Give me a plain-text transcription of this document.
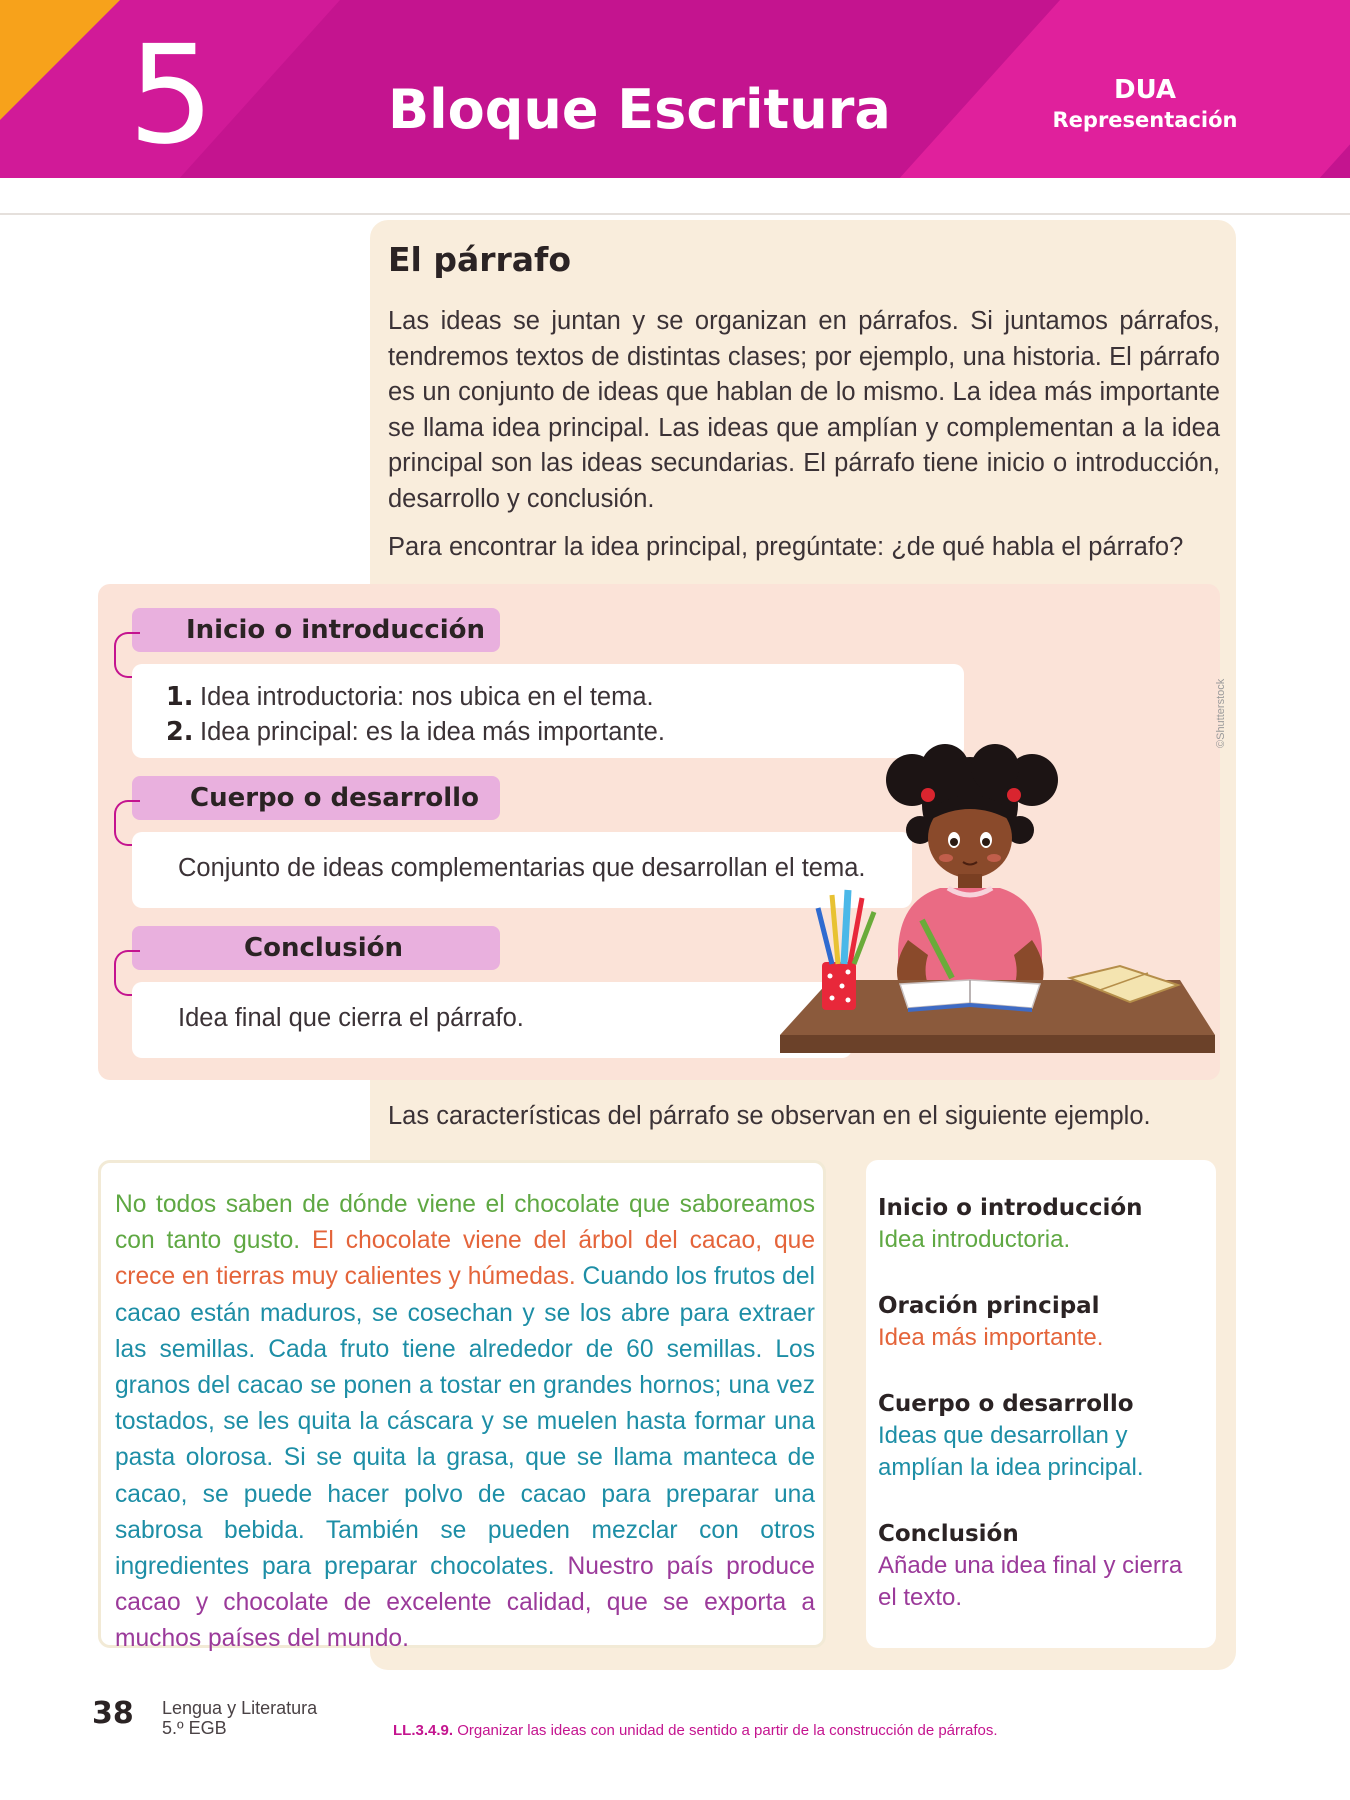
5	Bloque Escritura	DUA
Representación
El párrafo

Las ideas se juntan y se organizan en párrafos. Si juntamos párrafos, tendremos textos de distintas clases; por ejemplo, una historia. El párrafo es un conjunto de ideas que hablan de lo mismo. La idea más importante se llama idea principal. Las ideas que amplían y complementan a la idea principal son las ideas secundarias. El párrafo tiene inicio o introducción, desarrollo y conclusión.

Para encontrar la idea principal, pregúntate: ¿de qué habla el párrafo?

Inicio o introducción
1. Idea introductoria: nos ubica en el tema.
2. Idea principal: es la idea más importante.
Cuerpo o desarrollo
Conjunto de ideas complementarias que desarrollan el tema.
Conclusión
Idea final que cierra el párrafo.
©Shutterstock
Las características del párrafo se observan en el siguiente ejemplo.

No todos saben de dónde viene el chocolate que saboreamos con tanto gusto. El chocolate viene del árbol del cacao, que crece en tierras muy calientes y húmedas. Cuando los frutos del cacao están maduros, se cosechan y se los abre para extraer las semillas. Cada fruto tiene alrededor de 60 semillas. Los granos del cacao se ponen a tostar en grandes hornos; una vez tostados, se les quita la cáscara y se muelen hasta formar una pasta olorosa. Si se quita la grasa, que se llama manteca de cacao, se puede hacer polvo de cacao para preparar una sabrosa bebida. También se pueden mezclar con otros ingredientes para preparar chocolates. Nuestro país produce cacao y chocolate de excelente calidad, que se exporta a muchos países del mundo.

Inicio o introducción
Idea introductoria.
Oración principal
Idea más importante.
Cuerpo o desarrollo
Ideas que desarrollan y amplían la idea principal.
Conclusión
Añade una idea final y cierra el texto.
38 Lengua y Literatura
5.º EGB	LL.3.4.9. Organizar las ideas con unidad de sentido a partir de la construcción de párrafos.
